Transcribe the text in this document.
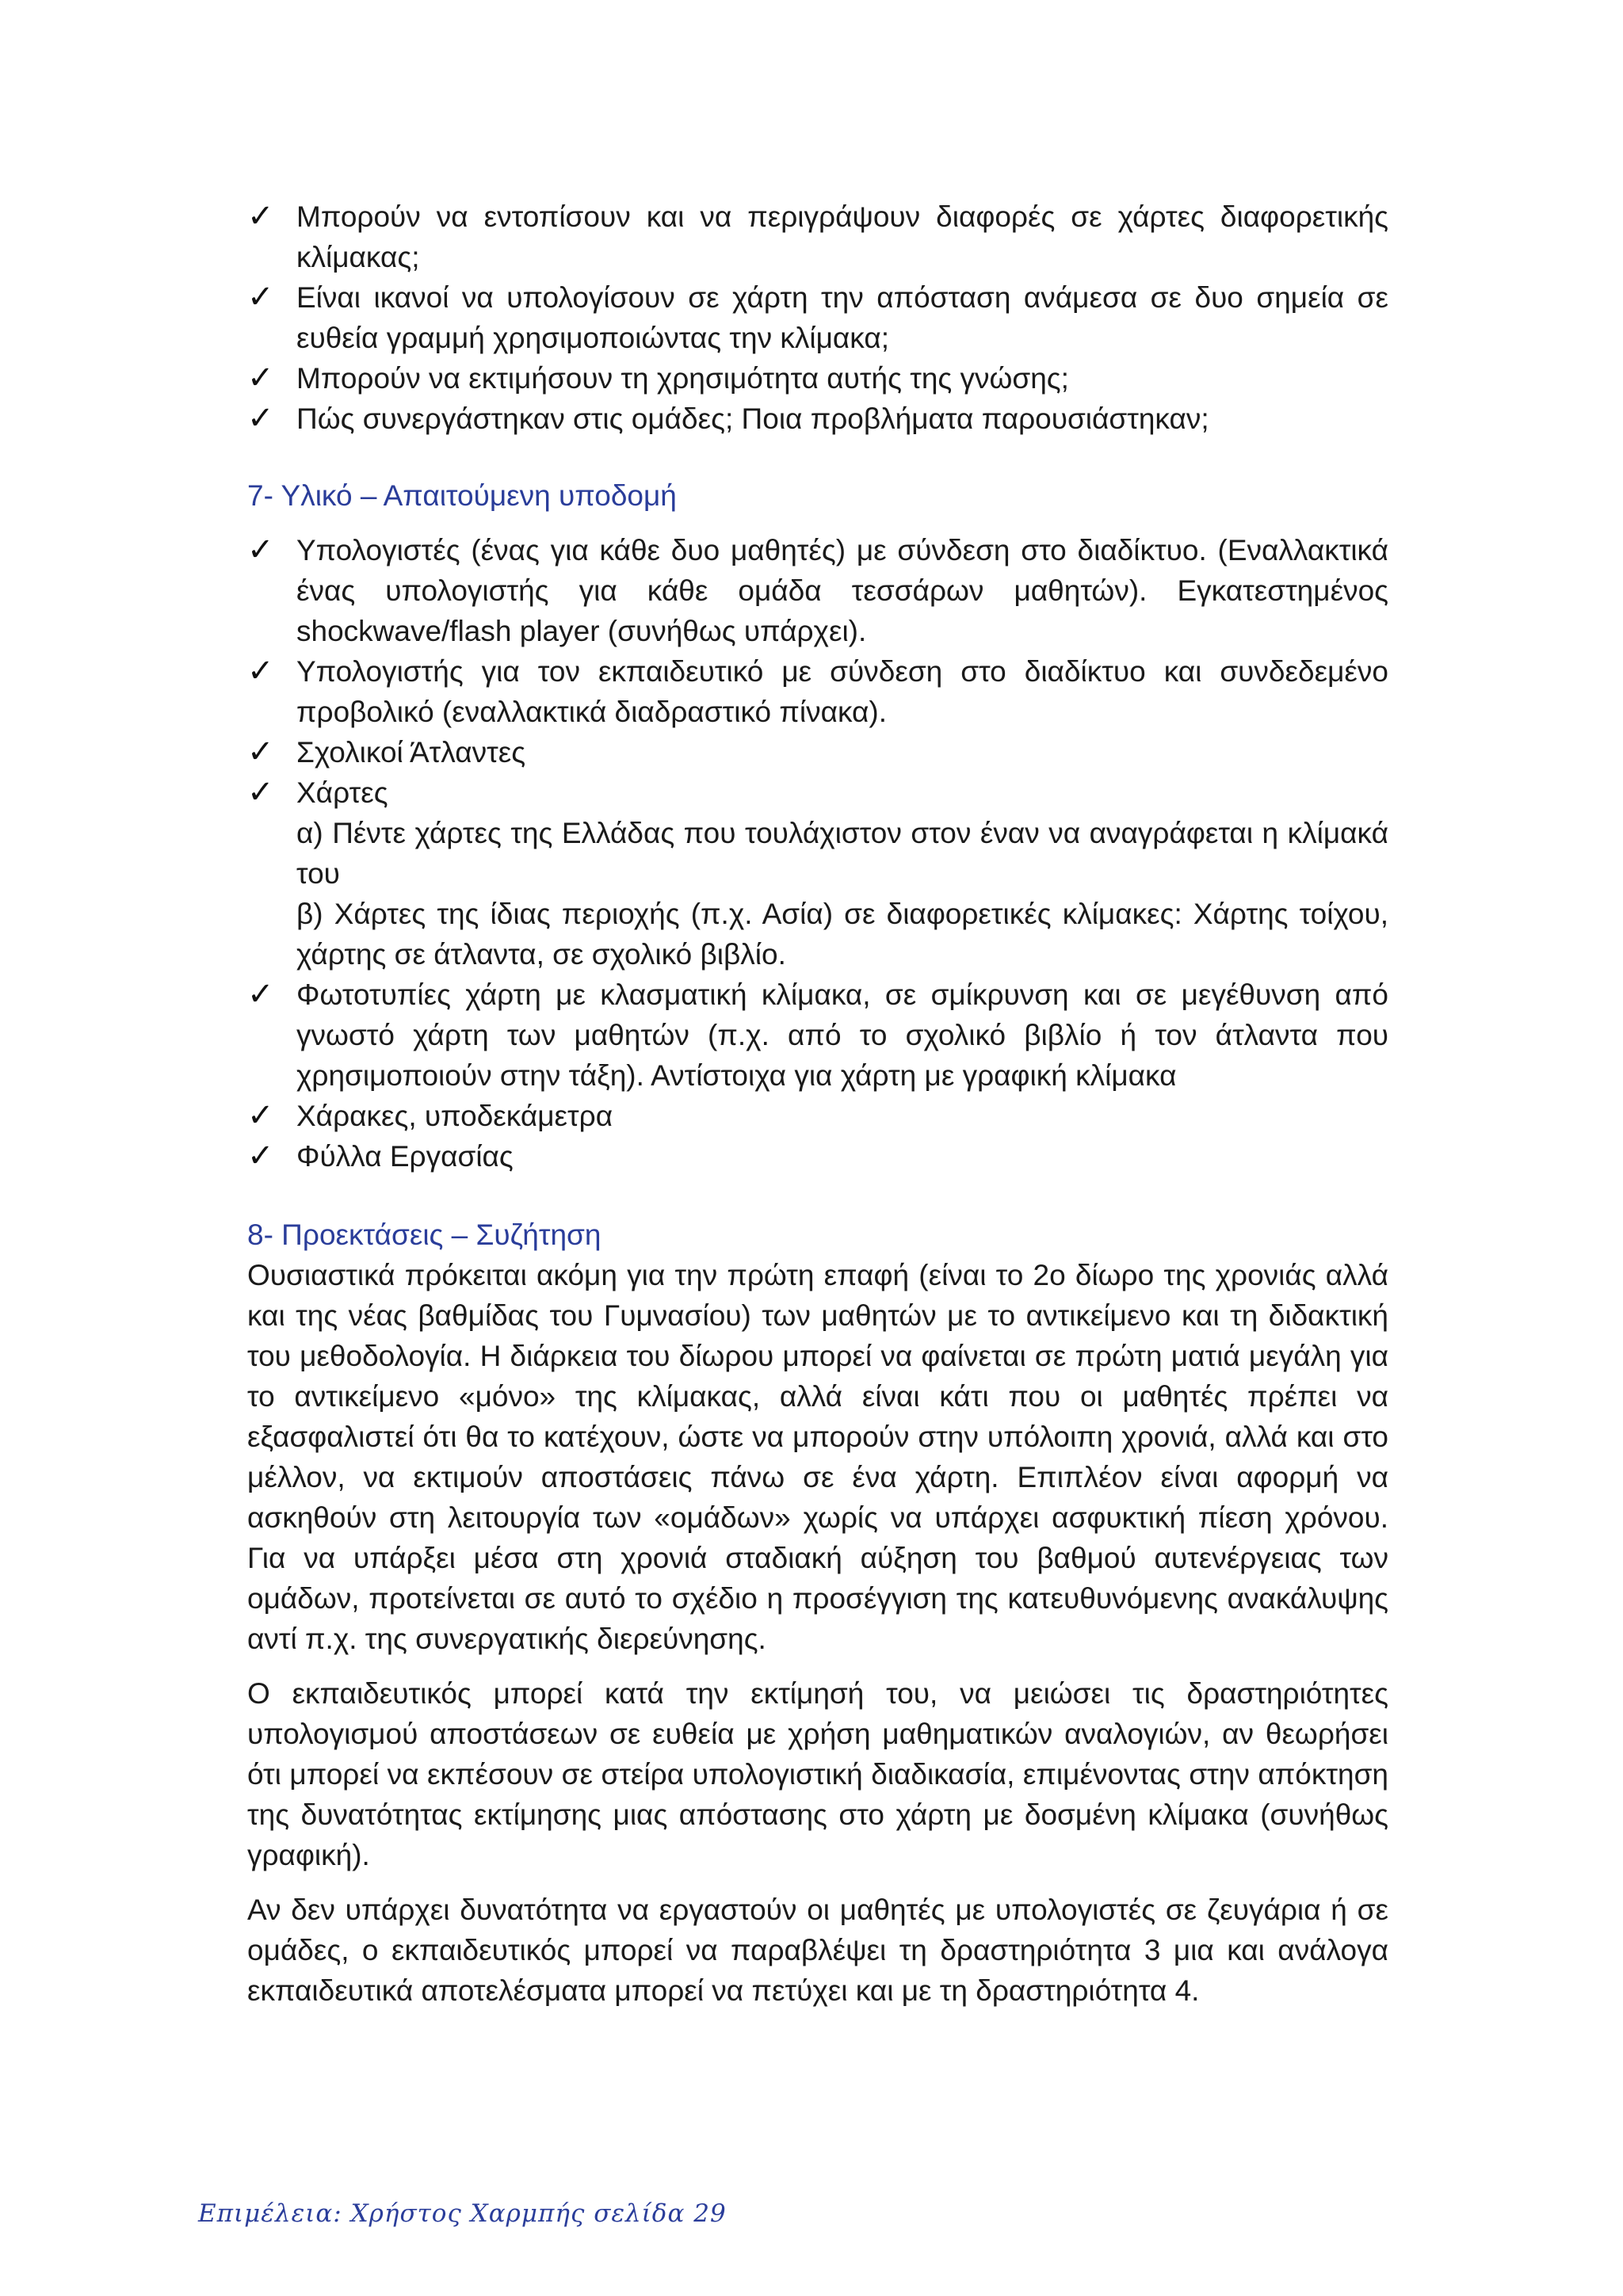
✓ Μπορούν να εντοπίσουν και να περιγράψουν διαφορές σε χάρτες διαφορετικής κλίμακας;
✓ Είναι ικανοί να υπολογίσουν σε χάρτη την απόσταση ανάμεσα σε δυο σημεία σε ευθεία γραμμή χρησιμοποιώντας την κλίμακα;
✓ Μπορούν να εκτιμήσουν τη χρησιμότητα αυτής της γνώσης;
✓ Πώς συνεργάστηκαν στις ομάδες; Ποια προβλήματα παρουσιάστηκαν;
7- Υλικό – Απαιτούμενη υποδομή
✓ Υπολογιστές (ένας για κάθε δυο μαθητές) με σύνδεση στο διαδίκτυο. (Εναλλακτικά ένας υπολογιστής για κάθε ομάδα τεσσάρων μαθητών). Εγκατεστημένος shockwave/flash player (συνήθως υπάρχει).
✓ Υπολογιστής για τον εκπαιδευτικό με σύνδεση στο διαδίκτυο και συνδεδεμένο προβολικό (εναλλακτικά διαδραστικό πίνακα).
✓ Σχολικοί Άτλαντες
✓ Χάρτες
α) Πέντε χάρτες της Ελλάδας που τουλάχιστον στον έναν να αναγράφεται η κλίμακά του
β) Χάρτες της ίδιας περιοχής (π.χ. Ασία) σε διαφορετικές κλίμακες: Χάρτης τοίχου, χάρτης σε άτλαντα, σε σχολικό βιβλίο.
✓ Φωτοτυπίες χάρτη με κλασματική κλίμακα, σε σμίκρυνση και σε μεγέθυνση από γνωστό χάρτη των μαθητών (π.χ. από το σχολικό βιβλίο ή τον άτλαντα που χρησιμοποιούν στην τάξη). Αντίστοιχα για χάρτη με γραφική κλίμακα
✓ Χάρακες, υποδεκάμετρα
✓ Φύλλα Εργασίας
8- Προεκτάσεις – Συζήτηση

Ουσιαστικά πρόκειται ακόμη για την πρώτη επαφή (είναι το 2ο δίωρο της χρονιάς αλλά και της νέας βαθμίδας του Γυμνασίου) των μαθητών με το αντικείμενο και τη διδακτική του μεθοδολογία. Η διάρκεια του δίωρου μπορεί να φαίνεται σε πρώτη ματιά μεγάλη για το αντικείμενο «μόνο» της κλίμακας, αλλά είναι κάτι που οι μαθητές πρέπει να εξασφαλιστεί ότι θα το κατέχουν, ώστε να μπορούν στην υπόλοιπη χρονιά, αλλά και στο μέλλον, να εκτιμούν αποστάσεις πάνω σε ένα χάρτη. Επιπλέον είναι αφορμή να ασκηθούν στη λειτουργία των «ομάδων» χωρίς να υπάρχει ασφυκτική πίεση χρόνου. Για να υπάρξει μέσα στη χρονιά σταδιακή αύξηση του βαθμού αυτενέργειας των ομάδων, προτείνεται σε αυτό το σχέδιο η προσέγγιση της κατευθυνόμενης ανακάλυψης αντί π.χ. της συνεργατικής διερεύνησης.

Ο εκπαιδευτικός μπορεί κατά την εκτίμησή του, να μειώσει τις δραστηριότητες υπολογισμού αποστάσεων σε ευθεία με χρήση μαθηματικών αναλογιών, αν θεωρήσει ότι μπορεί να εκπέσουν σε στείρα υπολογιστική διαδικασία, επιμένοντας στην απόκτηση της δυνατότητας εκτίμησης μιας απόστασης στο χάρτη με δοσμένη κλίμακα (συνήθως γραφική).

Αν δεν υπάρχει δυνατότητα να εργαστούν οι μαθητές με υπολογιστές σε ζευγάρια ή σε ομάδες, ο εκπαιδευτικός μπορεί να παραβλέψει τη δραστηριότητα 3 μια και ανάλογα εκπαιδευτικά αποτελέσματα μπορεί να πετύχει και με τη δραστηριότητα 4.

Επιμέλεια: Χρήστος Χαρμπής σελίδα 29
